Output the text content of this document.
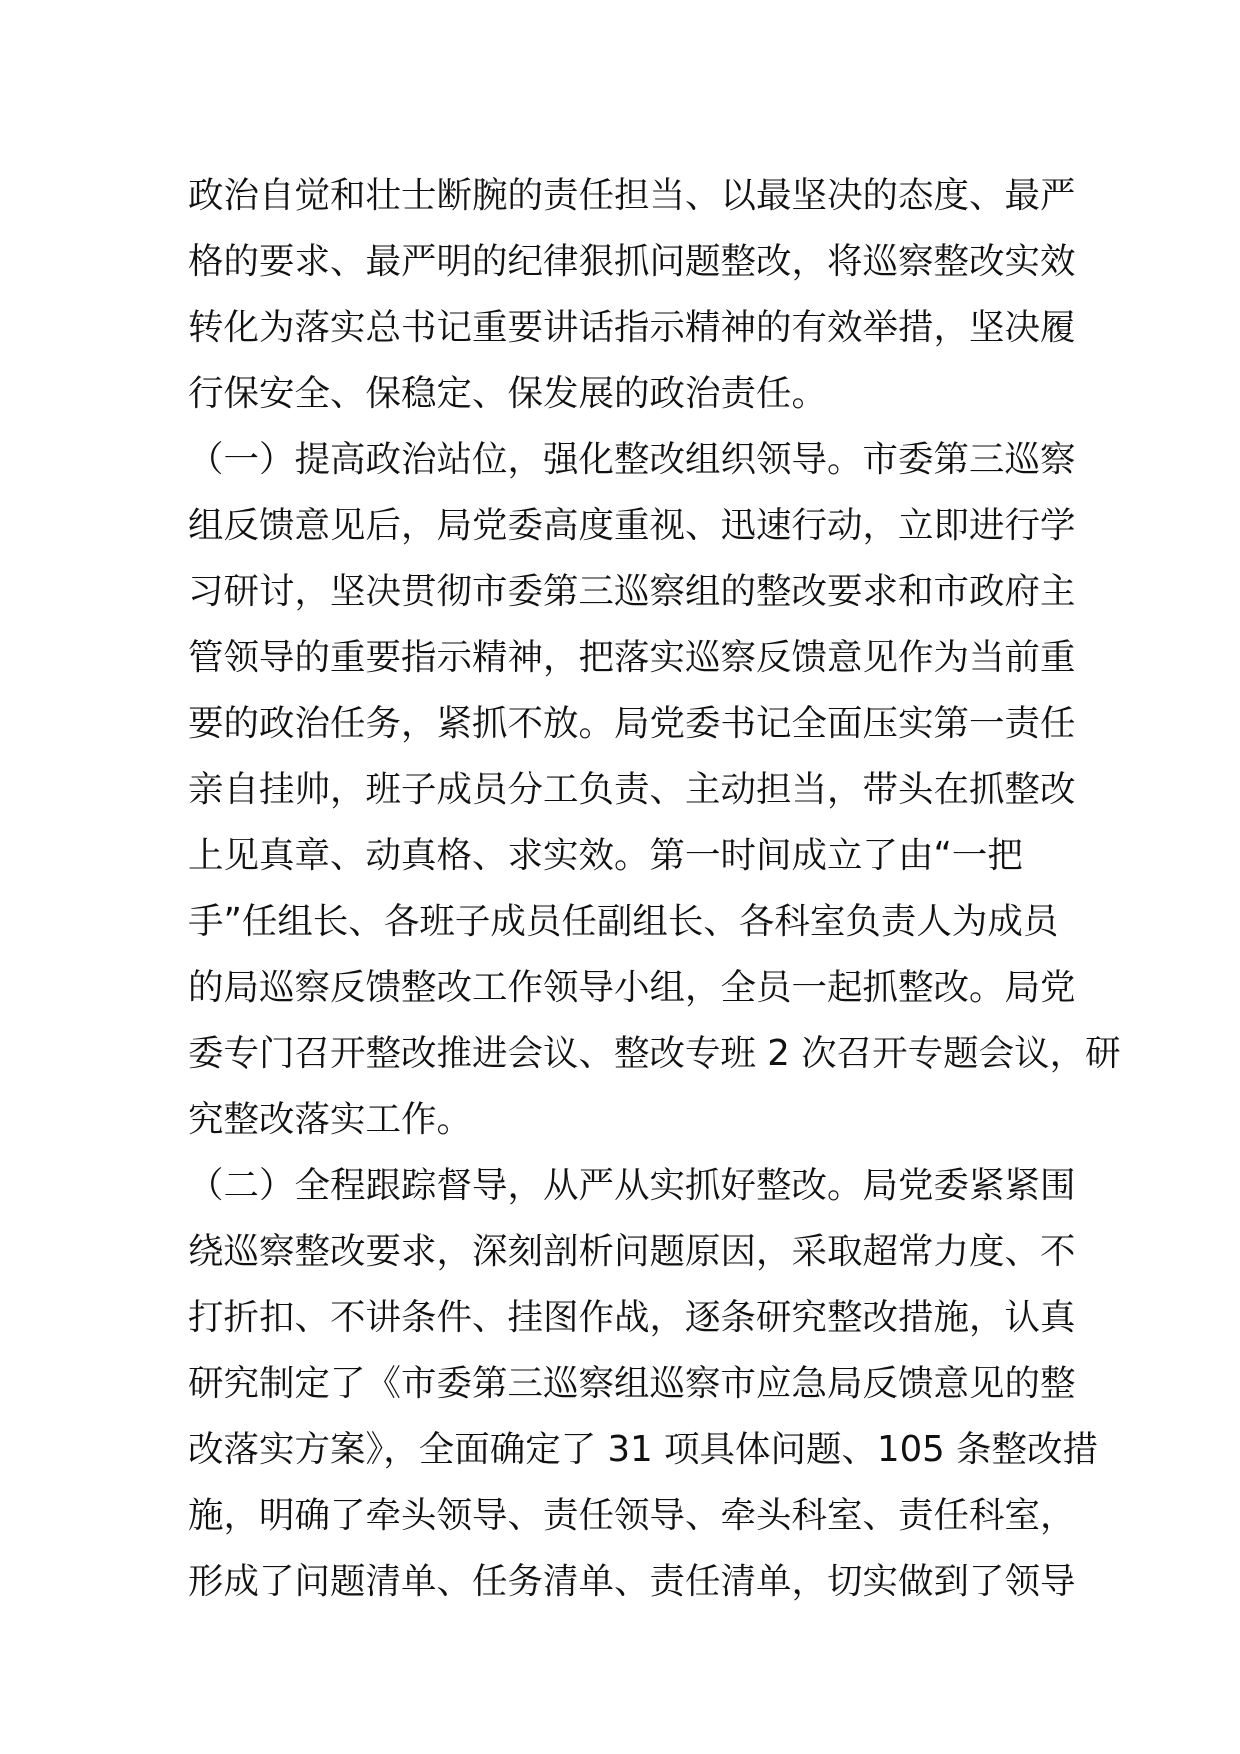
政治自觉和壮士断腕的责任担当、以最坚决的态度、最严
格的要求、最严明的纪律狠抓问题整改，将巡察整改实效
转化为落实总书记重要讲话指示精神的有效举措，坚决履
行保安全、保稳定、保发展的政治责任。
（一）提高政治站位，强化整改组织领导。市委第三巡察
组反馈意见后，局党委高度重视、迅速行动，立即进行学
习研讨，坚决贯彻市委第三巡察组的整改要求和市政府主
管领导的重要指示精神，把落实巡察反馈意见作为当前重
要的政治任务，紧抓不放。局党委书记全面压实第一责任
亲自挂帅，班子成员分工负责、主动担当，带头在抓整改
上见真章、动真格、求实效。第一时间成立了由“一把
手”任组长、各班子成员任副组长、各科室负责人为成员
的局巡察反馈整改工作领导小组，全员一起抓整改。局党
委专门召开整改推进会议、整改专班 2 次召开专题会议，研
究整改落实工作。
（二）全程跟踪督导，从严从实抓好整改。局党委紧紧围
绕巡察整改要求，深刻剖析问题原因，采取超常力度、不
打折扣、不讲条件、挂图作战，逐条研究整改措施，认真
研究制定了《市委第三巡察组巡察市应急局反馈意见的整
改落实方案》，全面确定了 31 项具体问题、105 条整改措
施，明确了牵头领导、责任领导、牵头科室、责任科室，
形成了问题清单、任务清单、责任清单，切实做到了领导
